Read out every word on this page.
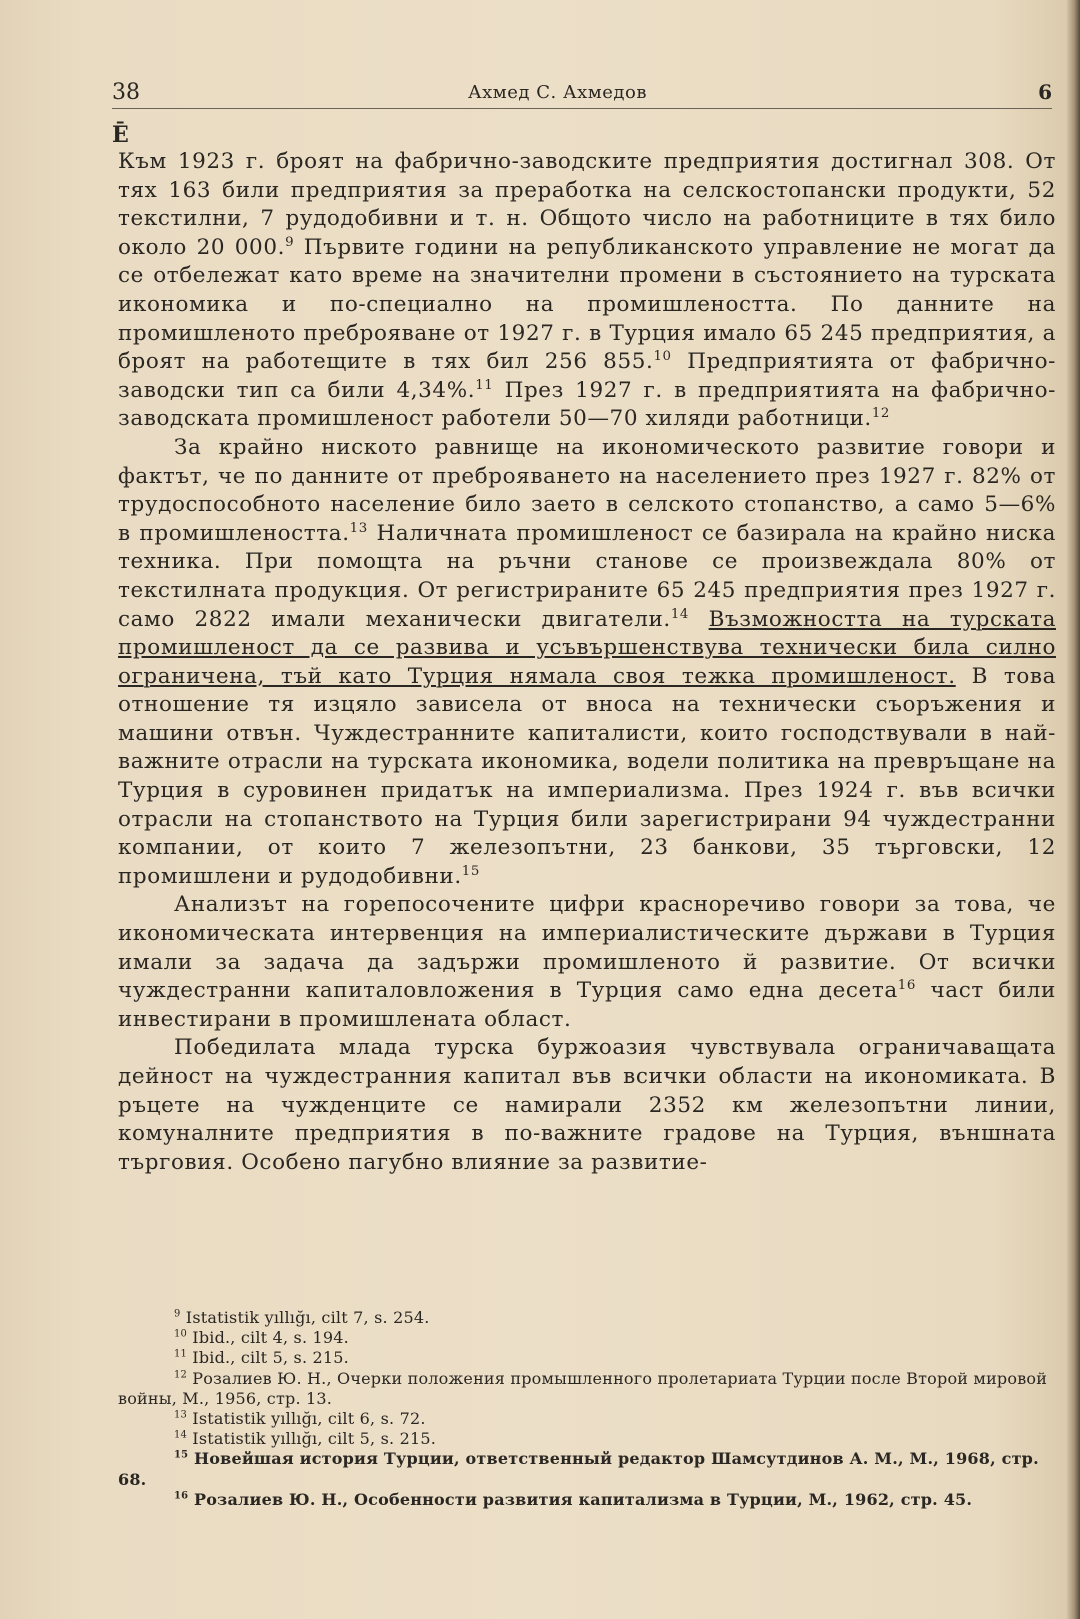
38	Ахмед С. Ахмедов	6
Ē

Към 1923 г. броят на фабрично-заводските предприятия достигнал 308. От тях 163 били предприятия за преработка на селскостопански продукти, 52 текстилни, 7 рудодобивни и т. н. Общото число на работниците в тях било около 20 000.$^9$ Първите години на републиканското управление не могат да се отбележат като време на значителни промени в състоянието на турската икономика и по-специално на промишлеността. По данните на промишленото преброяване от 1927 г. в Турция имало 65 245 предприятия, а броят на работещите в тях бил 256 855.10 Предприятията от фабрично-заводски тип са били 4,34%.$^{11}$ През 1927 г. в предприятията на фабрично-заводската промишленост работели 50—70 хиляди работници.$^{12}$

За крайно ниското равнище на икономическото развитие говори и фактът, че по данните от преброяването на населението през 1927 г. 82% от трудоспособното население било заето в селското стопанство, а само 5—6% в промишлеността.$^{13}$ Наличната промишленост се базирала на крайно ниска техника. При помощта на ръчни станове се произвеждала 80% от текстилната продукция. От регистрираните 65 245 предприятия през 1927 г. само 2822 имали механически двигатели.$^{14}$ Възможността на турската промишленост да се развива и усъвършенствува технически била силно ограничена, тъй като Турция нямала своя тежка промишленост. В това отношение тя изцяло зависела от вноса на технически съоръжения и машини отвън. Чуждестранните капиталисти, които господствували в най-важните отрасли на турската икономика, водели политика на превръщане на Турция в суровинен придатък на империализма. През 1924 г. във всички отрасли на стопанството на Турция били зарегистрирани 94 чуждестранни компании, от които 7 железопътни, 23 банкови, 35 търговски, 12 промишлени и рудодобивни.$^{15}$

Анализът на горепосочените цифри красноречиво говори за това, че икономическата интервенция на империалистическите държави в Турция имали за задача да задържи промишленото й развитие. От всички чуждестранни капиталовложения в Турция само една десета$^{16}$ част били инвестирани в промишлената област.

Победилата млада турска буржоазия чувствувала ограничаващата дейност на чуждестранния капитал във всички области на икономиката. В ръцете на чужденците се намирали 2352 км железопътни линии, комуналните предприятия в по-важните градове на Турция, външната търговия. Особено пагубно влияние за развитие-

$^9$ Istatistik yıllığı, cilt 7, s. 254.

$^{10}$ Ibid., cilt 4, s. 194.

$^{11}$ Ibid., cilt 5, s. 215.

$^{12}$ Розалиев Ю. Н., Очерки положения промышленного пролетариата Турции после Второй мировой войны, М., 1956, стр. 13.

$^{13}$ Istatistik yıllığı, cilt 6, s. 72.

$^{14}$ Istatistik yıllığı, cilt 5, s. 215.

$^{15}$ Новейшая история Турции, ответственный редактор Шамсутдинов А. М., М., 1968, стр. 68.

$^{16}$ Розалиев Ю. Н., Особенности развития капитализма в Турции, М., 1962, стр. 45.
